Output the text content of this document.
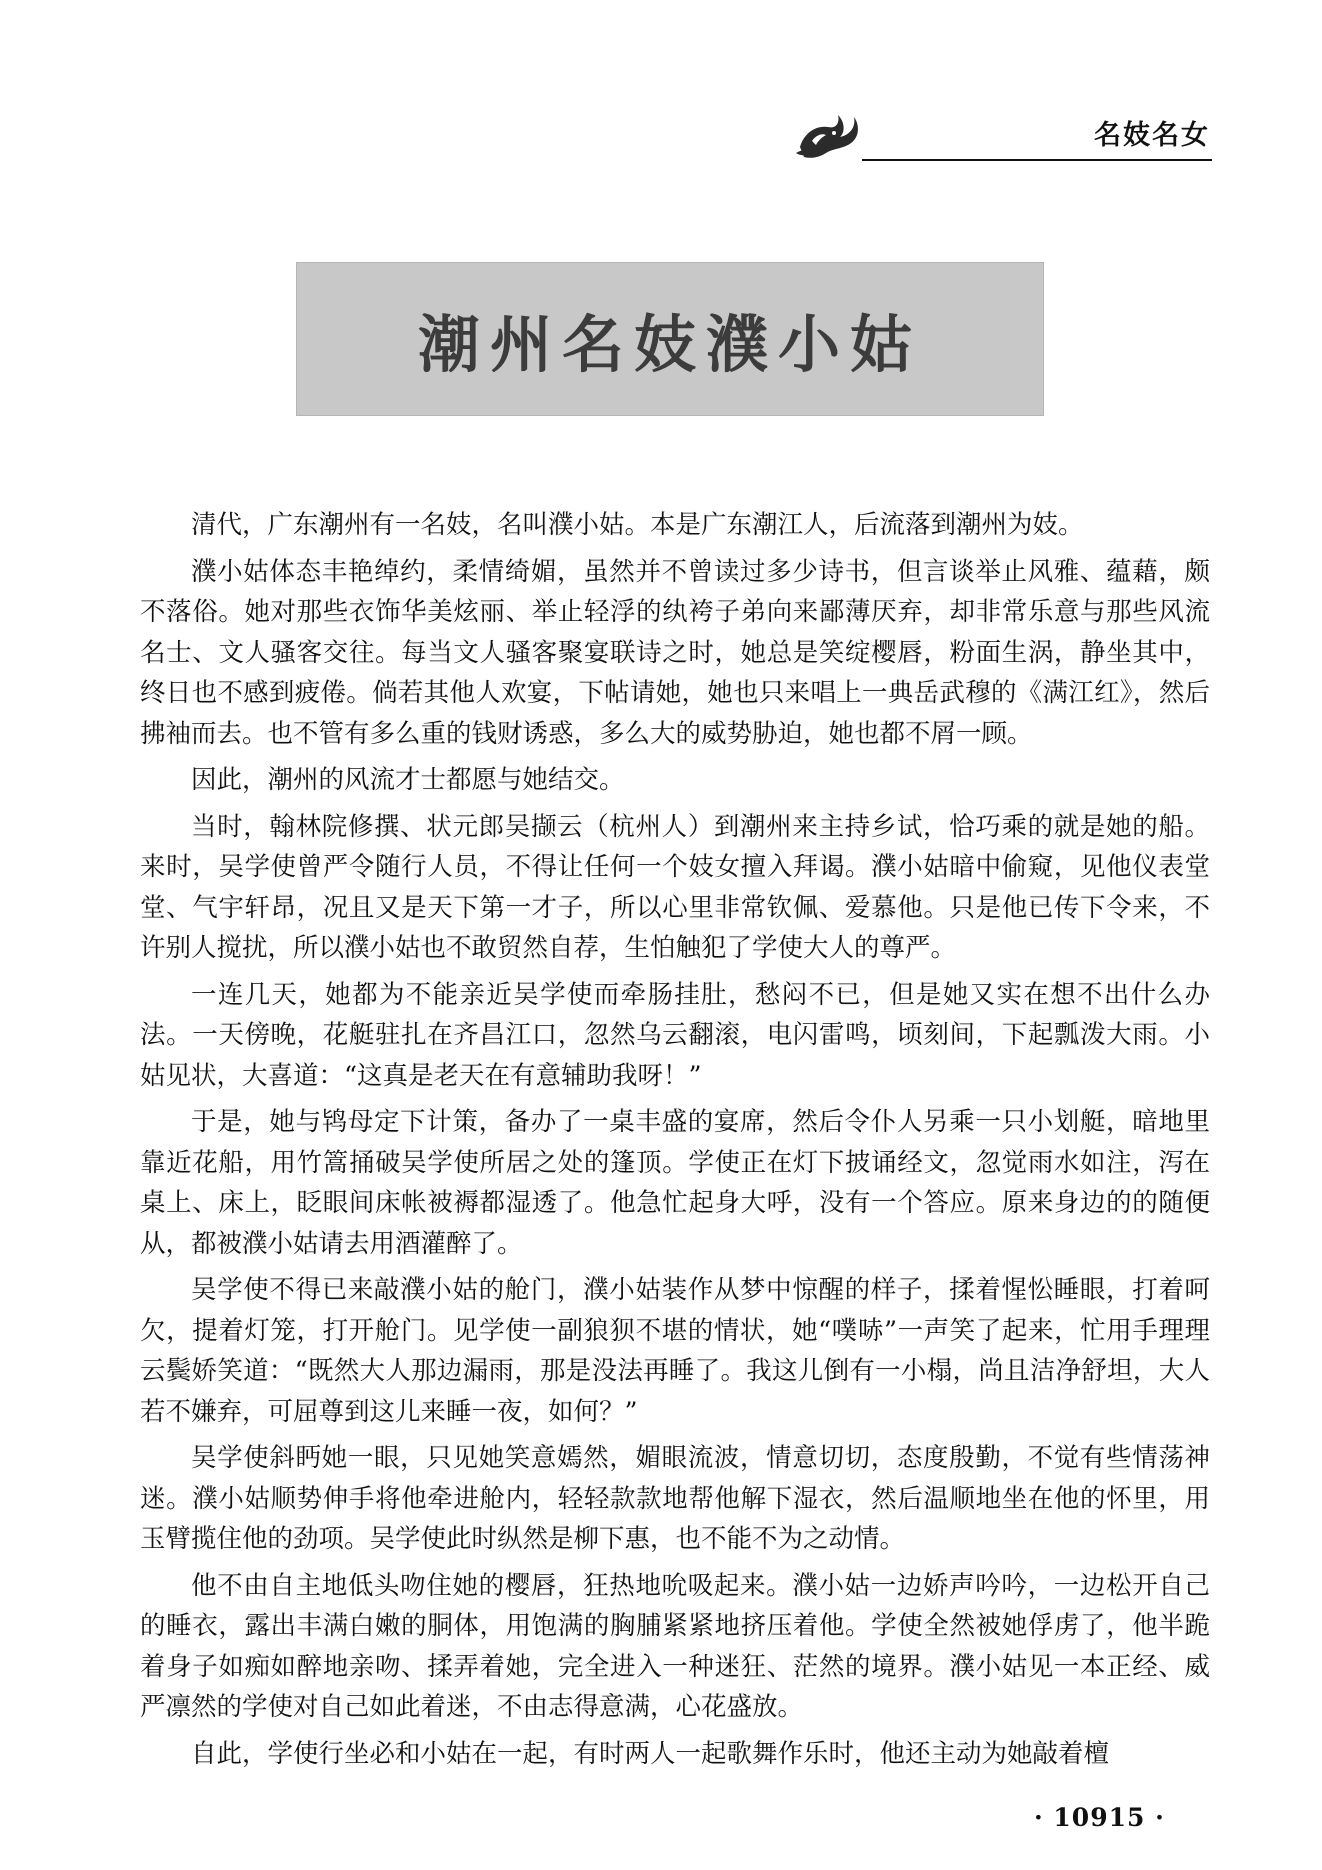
名妓名女
潮州名妓濮小姑

清代，广东潮州有一名妓，名叫濮小姑。本是广东潮江人，后流落到潮州为妓。

濮小姑体态丰艳绰约，柔情绮媚，虽然并不曾读过多少诗书，但言谈举止风雅、蕴藉，颇不落俗。她对那些衣饰华美炫丽、举止轻浮的纨袴子弟向来鄙薄厌弃，却非常乐意与那些风流名士、文人骚客交往。每当文人骚客聚宴联诗之时，她总是笑绽樱唇，粉面生涡，静坐其中，终日也不感到疲倦。倘若其他人欢宴，下帖请她，她也只来唱上一典岳武穆的《满江红》，然后拂袖而去。也不管有多么重的钱财诱惑，多么大的威势胁迫，她也都不屑一顾。

因此，潮州的风流才士都愿与她结交。

当时，翰林院修撰、状元郎吴撷云（杭州人）到潮州来主持乡试，恰巧乘的就是她的船。来时，吴学使曾严令随行人员，不得让任何一个妓女擅入拜谒。濮小姑暗中偷窥，见他仪表堂堂、气宇轩昂，况且又是天下第一才子，所以心里非常钦佩、爱慕他。只是他已传下令来，不许别人搅扰，所以濮小姑也不敢贸然自荐，生怕触犯了学使大人的尊严。

一连几天，她都为不能亲近吴学使而牵肠挂肚，愁闷不已，但是她又实在想不出什么办法。一天傍晚，花艇驻扎在齐昌江口，忽然乌云翻滚，电闪雷鸣，顷刻间，下起瓢泼大雨。小姑见状，大喜道：“这真是老天在有意辅助我呀！”

于是，她与鸨母定下计策，备办了一桌丰盛的宴席，然后令仆人另乘一只小划艇，暗地里靠近花船，用竹篙捅破吴学使所居之处的篷顶。学使正在灯下披诵经文，忽觉雨水如注，泻在桌上、床上，眨眼间床帐被褥都湿透了。他急忙起身大呼，没有一个答应。原来身边的的随便从，都被濮小姑请去用酒灌醉了。

吴学使不得已来敲濮小姑的舱门，濮小姑装作从梦中惊醒的样子，揉着惺忪睡眼，打着呵欠，提着灯笼，打开舱门。见学使一副狼狈不堪的情状，她“噗哧”一声笑了起来，忙用手理理云鬓娇笑道：“既然大人那边漏雨，那是没法再睡了。我这儿倒有一小榻，尚且洁净舒坦，大人若不嫌弃，可屈尊到这儿来睡一夜，如何？”

吴学使斜眄她一眼，只见她笑意嫣然，媚眼流波，情意切切，态度殷勤，不觉有些情荡神迷。濮小姑顺势伸手将他牵进舱内，轻轻款款地帮他解下湿衣，然后温顺地坐在他的怀里，用玉臂揽住他的劲项。吴学使此时纵然是柳下惠，也不能不为之动情。

他不由自主地低头吻住她的樱唇，狂热地吮吸起来。濮小姑一边娇声吟吟，一边松开自己的睡衣，露出丰满白嫩的胴体，用饱满的胸脯紧紧地挤压着他。学使全然被她俘虏了，他半跪着身子如痴如醉地亲吻、揉弄着她，完全进入一种迷狂、茫然的境界。濮小姑见一本正经、威严凛然的学使对自己如此着迷，不由志得意满，心花盛放。

自此，学使行坐必和小姑在一起，有时两人一起歌舞作乐时，他还主动为她敲着檀

· 10915 ·
